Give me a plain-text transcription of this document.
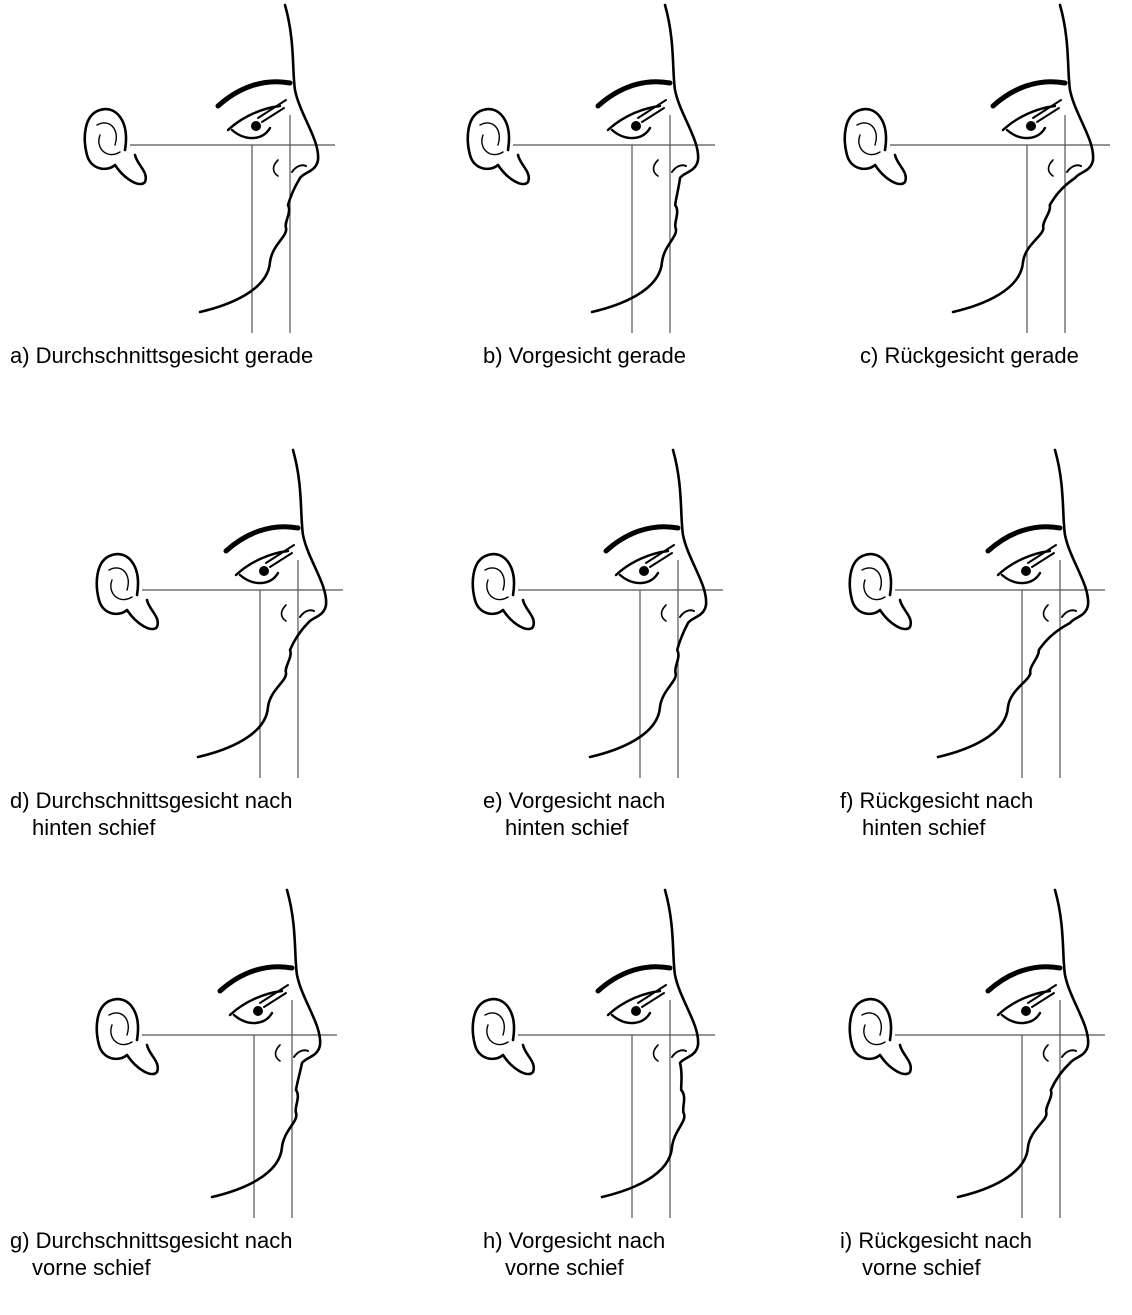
a) Durchschnittsgesicht gerade	b) Vorgesicht gerade	c) Rückgesicht gerade
d) Durchschnittsgesicht nach
hinten schief
e) Vorgesicht nach
hinten schief
f) Rückgesicht nach
hinten schief
g) Durchschnittsgesicht nach
vorne schief
h) Vorgesicht nach
vorne schief
i) Rückgesicht nach
vorne schief
